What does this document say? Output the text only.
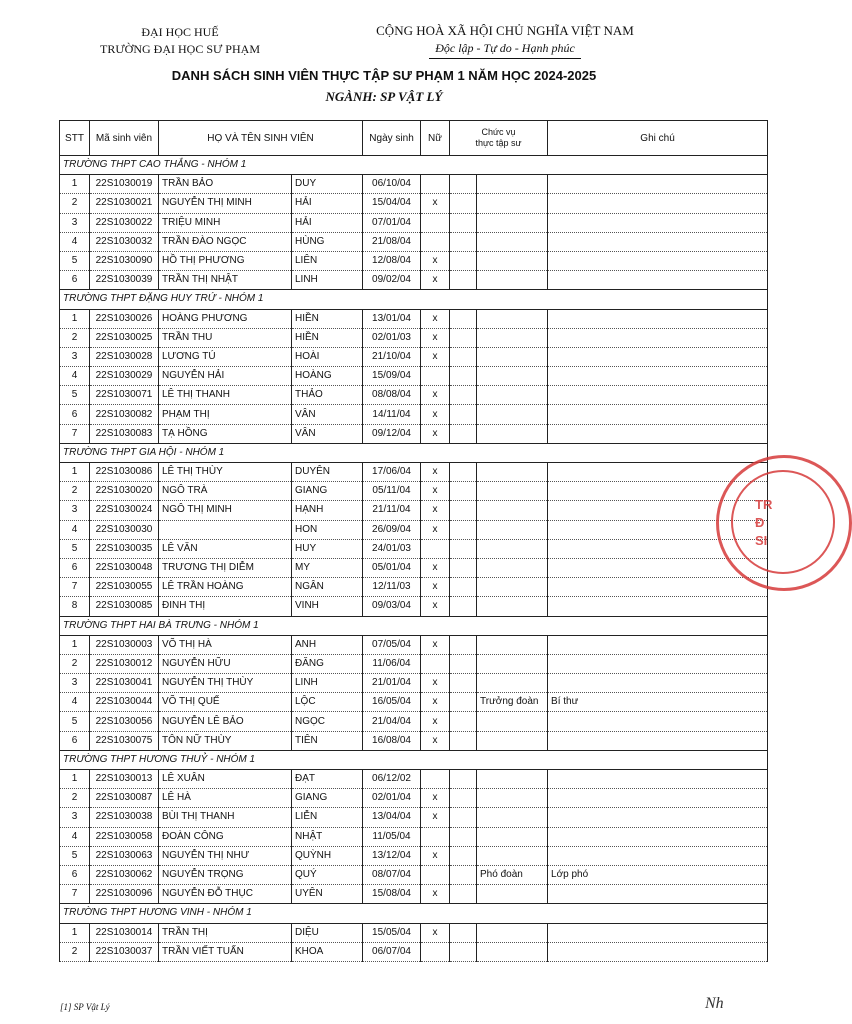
ĐẠI HỌC HUẾ
TRƯỜNG ĐẠI HỌC SƯ PHẠM
CỘNG HOÀ XÃ HỘI CHỦ NGHĨA VIỆT NAM
Độc lập - Tự do - Hạnh phúc
DANH SÁCH SINH VIÊN THỰC TẬP SƯ PHẠM 1 NĂM HỌC 2024-2025
NGÀNH: SP VẬT LÝ
STT	Mã sinh viên	HỌ VÀ TÊN SINH VIÊN		Ngày sinh	Nữ	Chức vụ
thực tập sư		Ghi chú
TRƯỜNG THPT CAO THẮNG - NHÓM 1								
1	22S1030019	TRẦN BẢO	DUY	06/10/04				
2	22S1030021	NGUYỄN THỊ MINH	HẢI	15/04/04	x			
3	22S1030022	TRIỆU MINH	HẢI	07/01/04				
4	22S1030032	TRẦN ĐÀO NGỌC	HÙNG	21/08/04				
5	22S1030090	HỒ THỊ PHƯƠNG	LIÊN	12/08/04	x			
6	22S1030039	TRẦN THỊ NHẬT	LINH	09/02/04	x			
TRƯỜNG THPT ĐẶNG HUY TRỨ - NHÓM 1								
1	22S1030026	HOÀNG PHƯƠNG	HIỀN	13/01/04	x			
2	22S1030025	TRẦN THU	HIỀN	02/01/03	x			
3	22S1030028	LƯƠNG TÚ	HOÀI	21/10/04	x			
4	22S1030029	NGUYỄN HẢI	HOÀNG	15/09/04				
5	22S1030071	LÊ THỊ THANH	THẢO	08/08/04	x			
6	22S1030082	PHẠM THỊ	VÂN	14/11/04	x			
7	22S1030083	TẠ HỒNG	VÂN	09/12/04	x			
TRƯỜNG THPT GIA HỘI - NHÓM 1								
1	22S1030086	LÊ THỊ THÙY	DUYÊN	17/06/04	x			
2	22S1030020	NGÔ TRÀ	GIANG	05/11/04	x			
3	22S1030024	NGÔ THỊ MINH	HẠNH	21/11/04	x			
4	22S1030030		HON	26/09/04	x			
5	22S1030035	LÊ VĂN	HUY	24/01/03				
6	22S1030048	TRƯƠNG THỊ DIỄM	MY	05/01/04	x			
7	22S1030055	LÊ TRẦN HOÀNG	NGÂN	12/11/03	x			
8	22S1030085	ĐINH THỊ	VINH	09/03/04	x			
TRƯỜNG THPT HAI BÀ TRƯNG - NHÓM 1								
1	22S1030003	VÕ THỊ HÀ	ANH	07/05/04	x			
2	22S1030012	NGUYỄN HỮU	ĐĂNG	11/06/04				
3	22S1030041	NGUYỄN THỊ THÙY	LINH	21/01/04	x			
4	22S1030044	VÕ THỊ QUẾ	LỘC	16/05/04	x		Trưởng đoàn	Bí thư
5	22S1030056	NGUYỄN LÊ BẢO	NGỌC	21/04/04	x			
6	22S1030075	TÔN NỮ THÙY	TIÊN	16/08/04	x			
TRƯỜNG THPT HƯƠNG THUỶ - NHÓM 1								
1	22S1030013	LÊ XUÂN	ĐẠT	06/12/02				
2	22S1030087	LÊ HÀ	GIANG	02/01/04	x			
3	22S1030038	BÙI THỊ THANH	LIỄN	13/04/04	x			
4	22S1030058	ĐOÀN CÔNG	NHẬT	11/05/04				
5	22S1030063	NGUYỄN THỊ NHƯ	QUỲNH	13/12/04	x			
6	22S1030062	NGUYỄN TRỌNG	QUÝ	08/07/04			Phó đoàn	Lớp phó
7	22S1030096	NGUYỄN ĐỖ THỤC	UYÊN	15/08/04	x			
TRƯỜNG THPT HƯƠNG VINH - NHÓM 1								
1	22S1030014	TRẦN THỊ	DIỆU	15/05/04	x			
2	22S1030037	TRẦN VIẾT TUẤN	KHOA	06/07/04				
TR
Đ
SI
[1] SP Vật Lý	Nh
